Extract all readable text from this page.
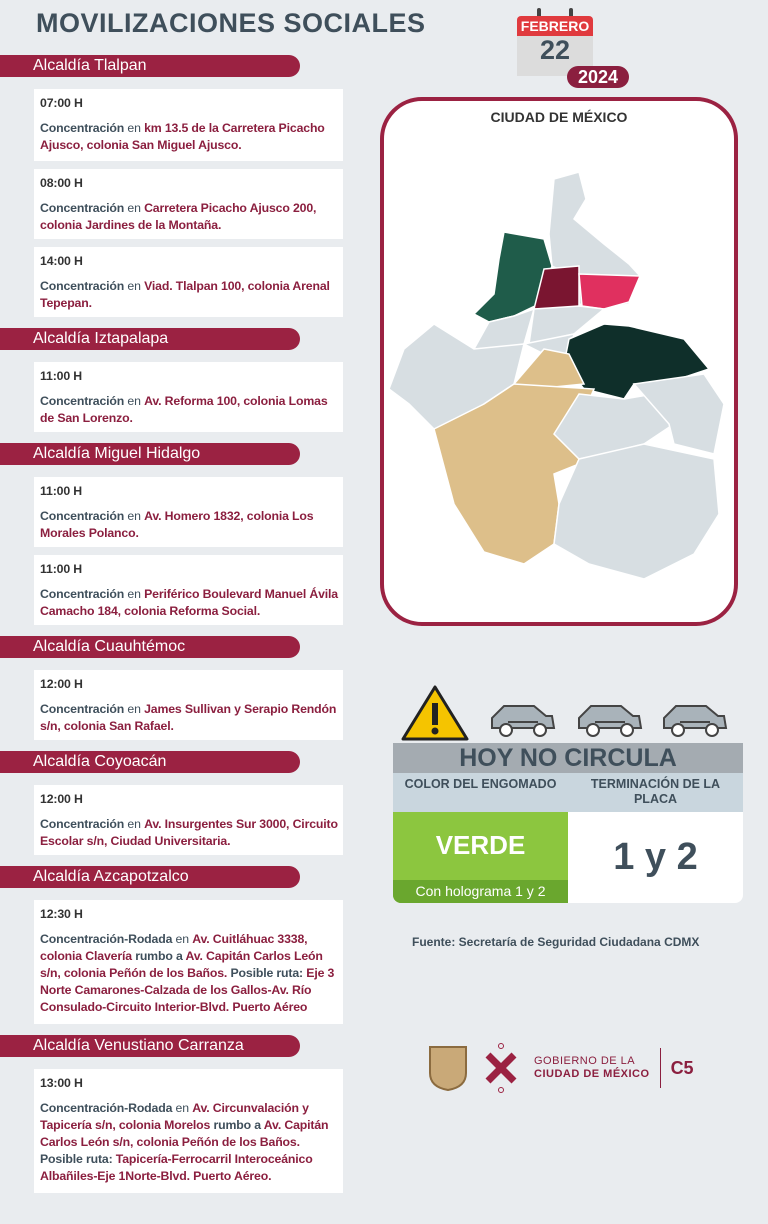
MOVILIZACIONES SOCIALES	FEBRERO
22
2024
Alcaldía Tlalpan
07:00 H
Concentración en km 13.5 de la Carretera Picacho Ajusco, colonia San Miguel Ajusco.
08:00 H
Concentración en Carretera Picacho Ajusco 200, colonia Jardines de la Montaña.
14:00 H
Concentración en Viad. Tlalpan 100, colonia Arenal Tepepan.
Alcaldía Iztapalapa
11:00 H
Concentración en Av. Reforma 100, colonia Lomas de San Lorenzo.
Alcaldía Miguel Hidalgo
11:00 H
Concentración en Av. Homero 1832, colonia Los Morales Polanco.
11:00 H
Concentración en Periférico Boulevard Manuel Ávila Camacho 184, colonia Reforma Social.
Alcaldía Cuauhtémoc
12:00 H
Concentración en James Sullivan y Serapio Rendón s/n, colonia San Rafael.
Alcaldía Coyoacán
12:00 H
Concentración en Av. Insurgentes Sur 3000, Circuito Escolar s/n, Ciudad Universitaria.
Alcaldía Azcapotzalco
12:30 H
Concentración-Rodada en Av. Cuitláhuac 3338, colonia Clavería rumbo a Av. Capitán Carlos León s/n, colonia Peñón de los Baños. Posible ruta: Eje 3 Norte Camarones-Calzada de los Gallos-Av. Río Consulado-Circuito Interior-Blvd. Puerto Aéreo
Alcaldía Venustiano Carranza
13:00 H
Concentración-Rodada en Av. Circunvalación y Tapicería s/n, colonia Morelos rumbo a Av. Capitán Carlos León s/n, colonia Peñón de los Baños. Posible ruta: Tapicería-Ferrocarril Interoceánico Albañiles-Eje 1Norte-Blvd. Puerto Aéreo.
CIUDAD DE MÉXICO
HOY NO CIRCULA
COLOR DEL ENGOMADO	TERMINACIÓN DE LA PLACA
VERDE
Con holograma 1 y 2
1 y 2
Fuente: Secretaría de Seguridad Ciudadana CDMX
GOBIERNO DE LA
CIUDAD DE MÉXICO	C5
